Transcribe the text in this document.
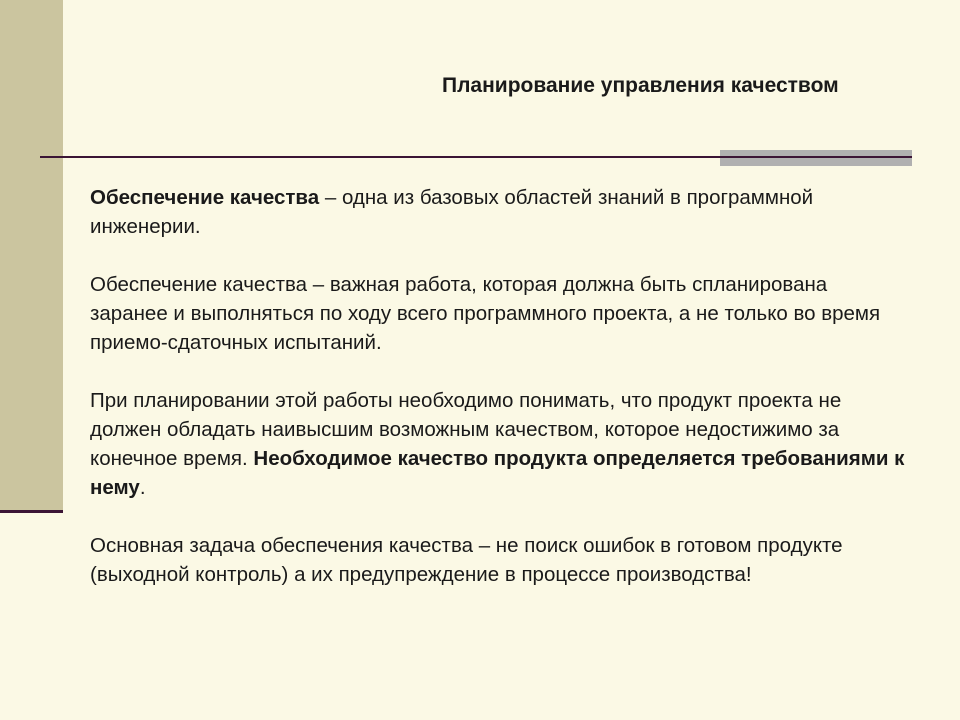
Планирование управления качеством

Обеспечение качества – одна из базовых областей знаний в программной инженерии.

Обеспечение качества – важная работа, которая должна быть спланирована заранее и выполняться по ходу всего программного проекта, а не только во время приемо-сдаточных испытаний.

При планировании этой работы необходимо понимать, что продукт проекта не должен обладать наивысшим возможным качеством, которое недостижимо за конечное время. Необходимое качество продукта определяется требованиями к нему.

Основная задача обеспечения качества – не поиск ошибок в готовом продукте (выходной контроль) а их предупреждение в процессе производства!
